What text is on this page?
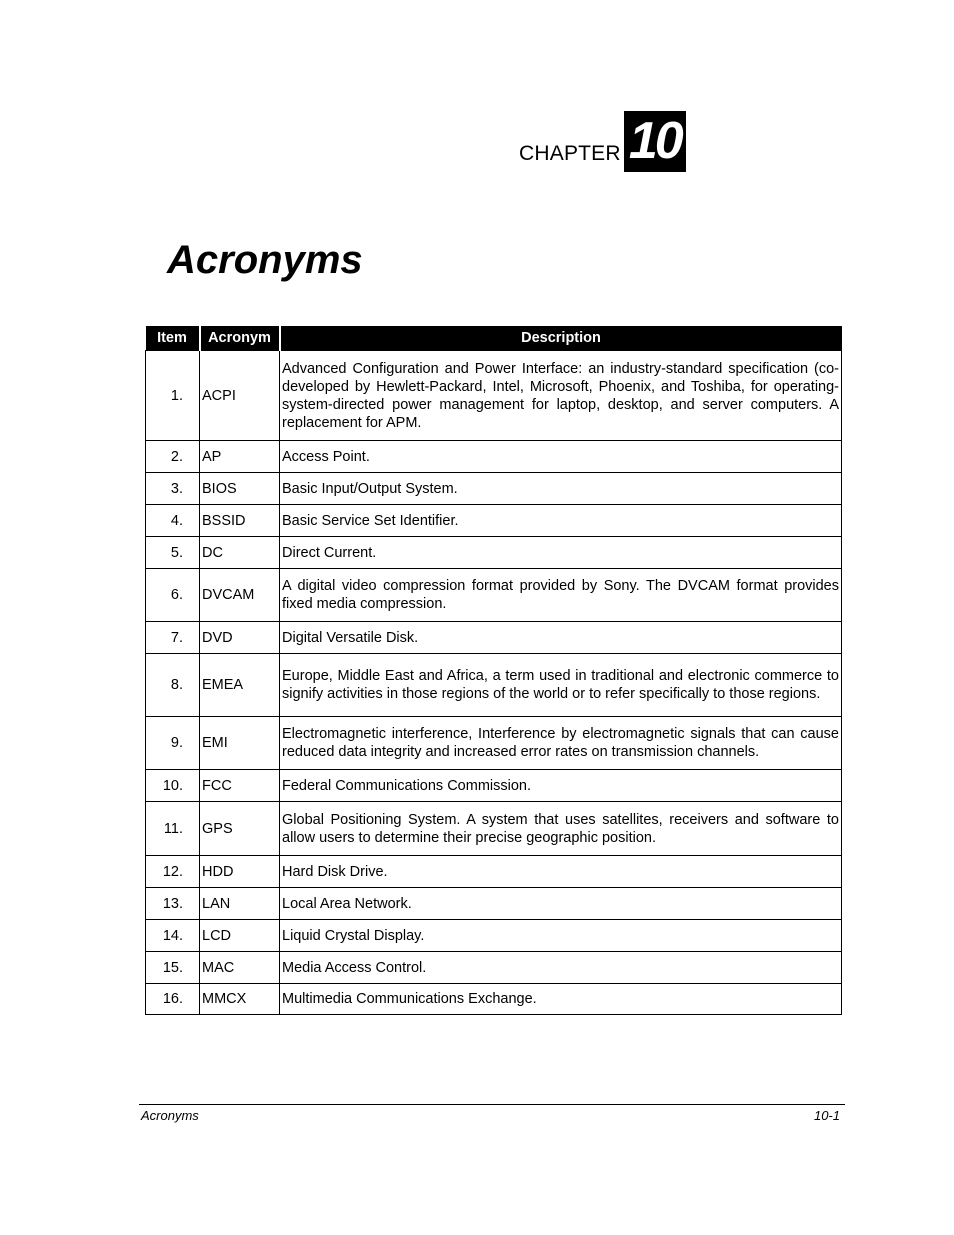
CHAPTER 10
Acronyms
Item	Acronym	Description
1.	ACPI	Advanced Configuration and Power Interface: an industry-standard specification (co-developed by Hewlett-Packard, Intel, Microsoft, Phoenix, and Toshiba, for operating-system-directed power management for laptop, desktop, and server computers. A replacement for APM.
2.	AP	Access Point.
3.	BIOS	Basic Input/Output System.
4.	BSSID	Basic Service Set Identifier.
5.	DC	Direct Current.
6.	DVCAM	A digital video compression format provided by Sony. The DVCAM format provides fixed media compression.
7.	DVD	Digital Versatile Disk.
8.	EMEA	Europe, Middle East and Africa, a term used in traditional and electronic commerce to signify activities in those regions of the world or to refer specifically to those regions.
9.	EMI	Electromagnetic interference, Interference by electromagnetic signals that can cause reduced data integrity and increased error rates on transmission channels.
10.	FCC	Federal Communications Commission.
11.	GPS	Global Positioning System. A system that uses satellites, receivers and software to allow users to determine their precise geographic position.
12.	HDD	Hard Disk Drive.
13.	LAN	Local Area Network.
14.	LCD	Liquid Crystal Display.
15.	MAC	Media Access Control.
16.	MMCX	Multimedia Communications Exchange.
Acronyms	10-1
